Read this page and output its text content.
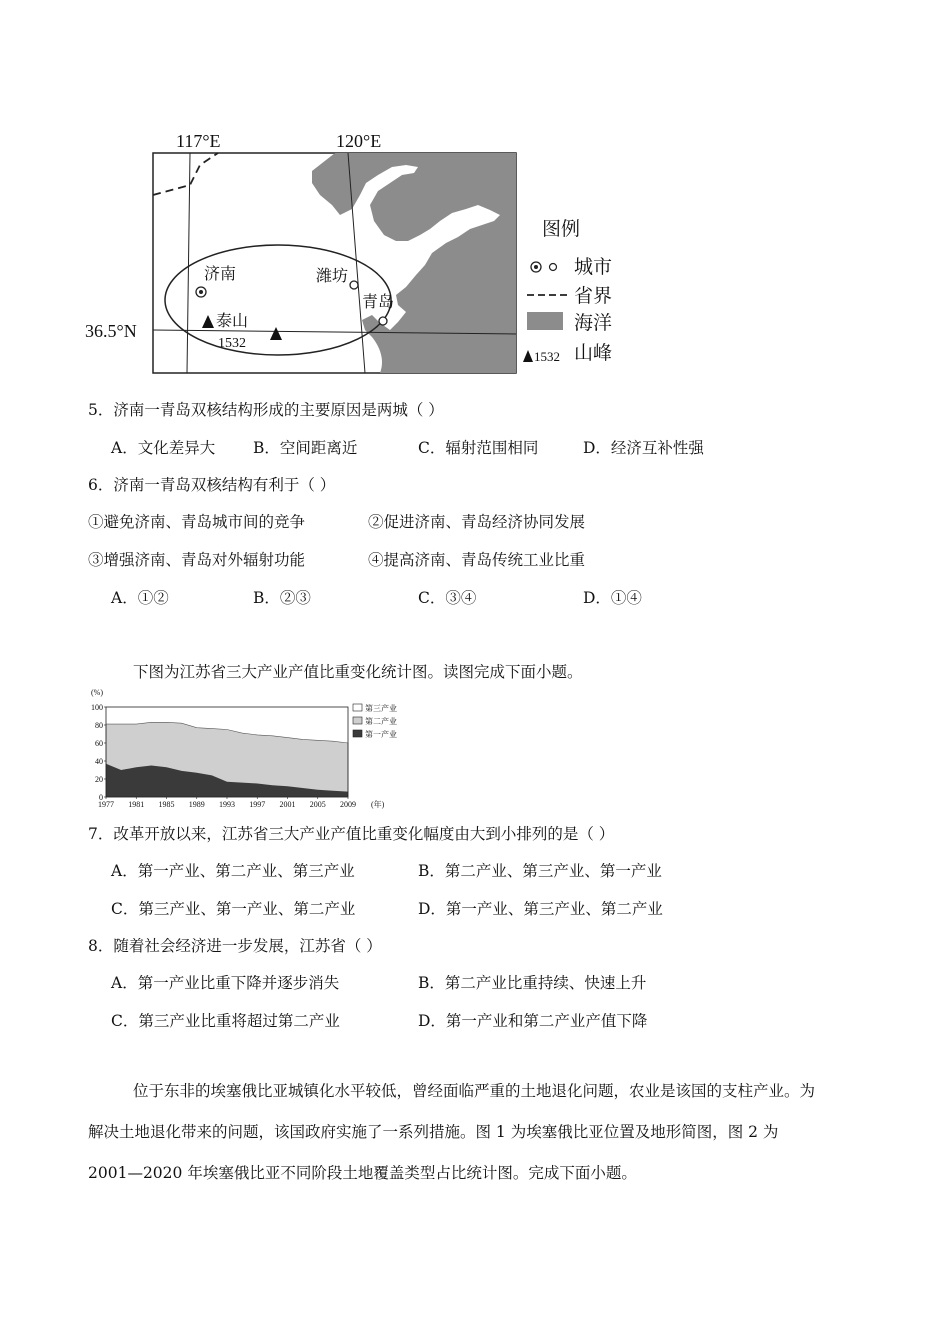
济南	潍坊
青岛
泰山
1532
117°E	120°E
36.5°N
图例
城市
省界
海洋
1532 山峰
5．济南一青岛双核结构形成的主要原因是两城（ ）
A．文化差异大 B．空间距离近	C．辐射范围相同	D．经济互补性强
6．济南一青岛双核结构有利于（ ）
①避免济南、青岛城市间的竞争	②促进济南、青岛经济协同发展
③增强济南、青岛对外辐射功能	④提高济南、青岛传统工业比重
A．①②	B．②③	C．③④	D．①④
下图为江苏省三大产业产值比重变化统计图。读图完成下面小题。
(%)
(年)
0
20
40
60
80
100
1977 1981 1985 1989 1993 1997 2001 2005 2009
第三产业
第二产业
第一产业
7．改革开放以来，江苏省三大产业产值比重变化幅度由大到小排列的是（ ）
A．第一产业、第二产业、第三产业	B．第二产业、第三产业、第一产业
C．第三产业、第一产业、第二产业	D．第一产业、第三产业、第二产业
8．随着社会经济进一步发展，江苏省（ ）
A．第一产业比重下降并逐步消失	B．第二产业比重持续、快速上升
C．第三产业比重将超过第二产业	D．第一产业和第二产业产值下降
位于东非的埃塞俄比亚城镇化水平较低，曾经面临严重的土地退化问题，农业是该国的支柱产业。为
解决土地退化带来的问题，该国政府实施了一系列措施。图 1 为埃塞俄比亚位置及地形简图，图 2 为
2001—2020 年埃塞俄比亚不同阶段土地覆盖类型占比统计图。完成下面小题。
